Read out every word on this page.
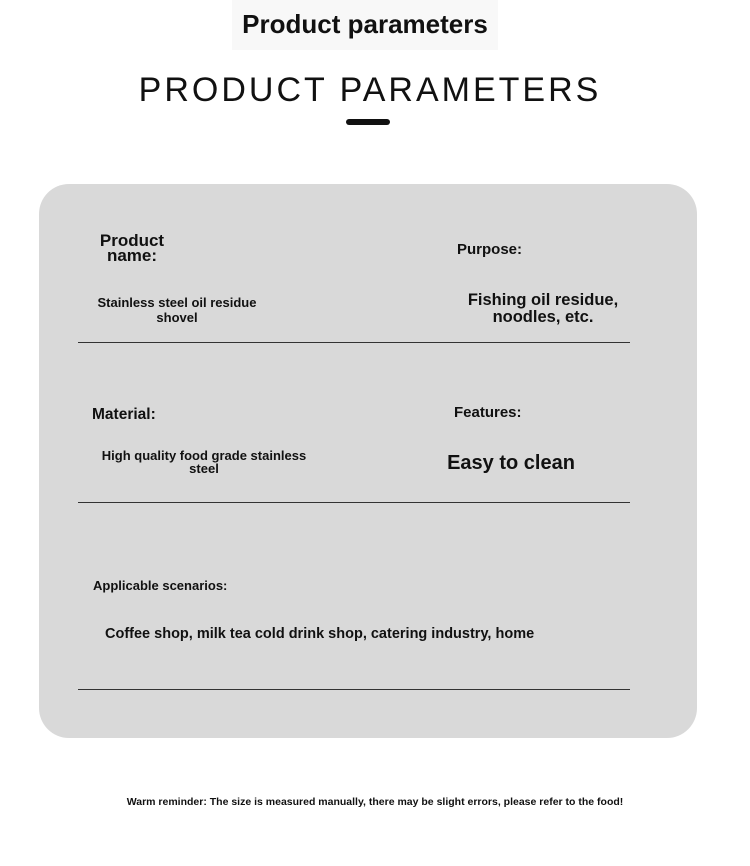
Product parameters
PRODUCT PARAMETERS
Product name:
Stainless steel oil residue shovel
Purpose:
Fishing oil residue, noodles, etc.
Material:
High quality food grade stainless steel
Features:
Easy to clean
Applicable scenarios:
Coffee shop, milk tea cold drink shop, catering industry, home
Warm reminder: The size is measured manually, there may be slight errors, please refer to the food!
